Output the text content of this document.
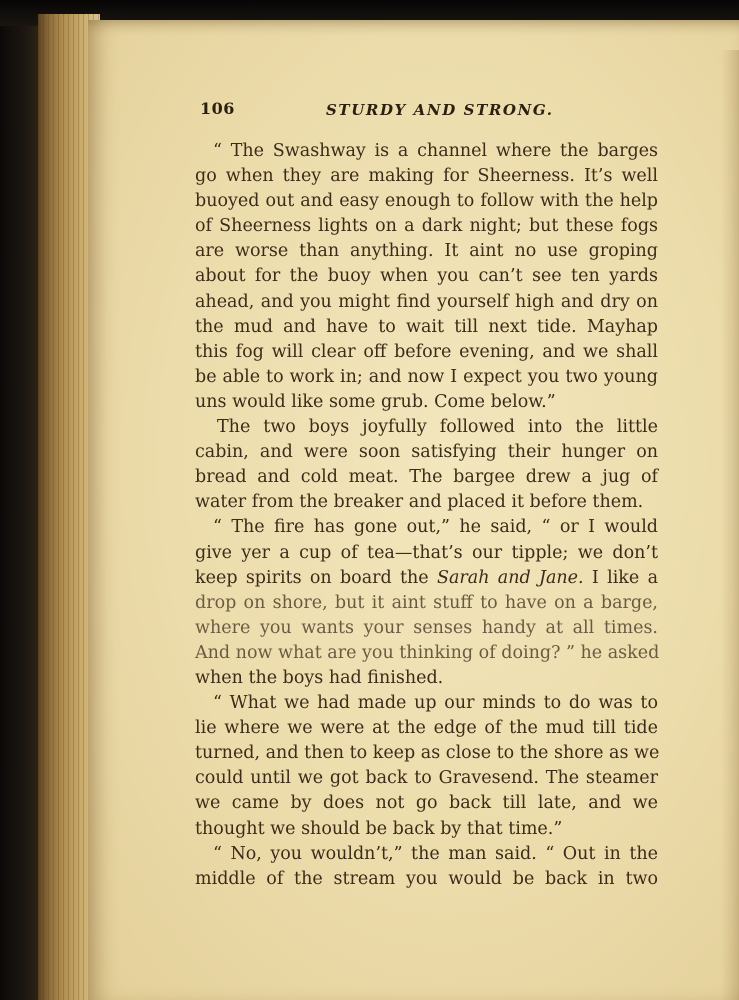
106	STURDY AND STRONG.
“ The Swashway is a channel where the barges
go when they are making for Sheerness. It’s well
buoyed out and easy enough to follow with the help
of Sheerness lights on a dark night; but these fogs
are worse than anything. It aint no use groping
about for the buoy when you can’t see ten yards
ahead, and you might find yourself high and dry on
the mud and have to wait till next tide. Mayhap
this fog will clear off before evening, and we shall
be able to work in; and now I expect you two young
uns would like some grub. Come below.”
The two boys joyfully followed into the little
cabin, and were soon satisfying their hunger on
bread and cold meat. The bargee drew a jug of
water from the breaker and placed it before them.
“ The fire has gone out,” he said, “ or I would
give yer a cup of tea—that’s our tipple; we don’t
keep spirits on board the Sarah and Jane. I like a
drop on shore, but it aint stuff to have on a barge,
where you wants your senses handy at all times.
And now what are you thinking of doing? ” he asked
when the boys had finished.
“ What we had made up our minds to do was to
lie where we were at the edge of the mud till tide
turned, and then to keep as close to the shore as we
could until we got back to Gravesend. The steamer
we came by does not go back till late, and we
thought we should be back by that time.”
“ No, you wouldn’t,” the man said. “ Out in the
middle of the stream you would be back in two
